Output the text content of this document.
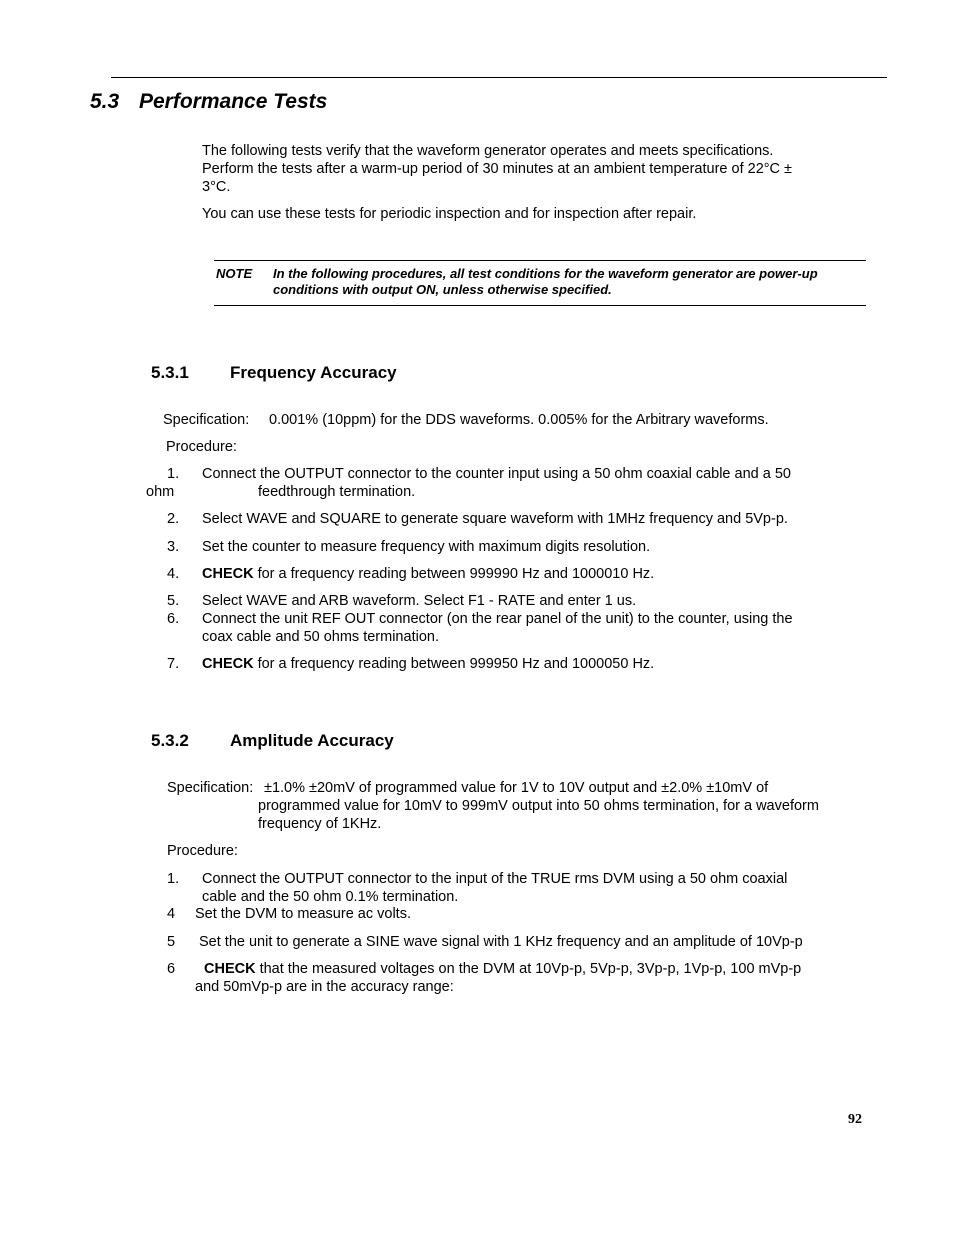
5.3 Performance Tests
The following tests verify that the waveform generator operates and meets specifications.
Perform the tests after a warm-up period of 30 minutes at an ambient temperature of 22°C ±
3°C.
You can use these tests for periodic inspection and for inspection after repair.
NOTE In the following procedures, all test conditions for the waveform generator are power-up
conditions with output ON, unless otherwise specified.
5.3.1 Frequency Accuracy
Specification: 0.001% (10ppm) for the DDS waveforms. 0.005% for the Arbitrary waveforms.
Procedure:
1. Connect the OUTPUT connector to the counter input using a 50 ohm coaxial cable and a 50
ohm	feedthrough termination.
2. Select WAVE and SQUARE to generate square waveform with 1MHz frequency and 5Vp-p.
3. Set the counter to measure frequency with maximum digits resolution.
4. CHECK for a frequency reading between 999990 Hz and 1000010 Hz.
5. Select WAVE and ARB waveform. Select F1 - RATE and enter 1 us.
6. Connect the unit REF OUT connector (on the rear panel of the unit) to the counter, using the
coax cable and 50 ohms termination.
7. CHECK for a frequency reading between 999950 Hz and 1000050 Hz.
5.3.2 Amplitude Accuracy
Specification: ±1.0% ±20mV of programmed value for 1V to 10V output and ±2.0% ±10mV of
programmed value for 10mV to 999mV output into 50 ohms termination, for a waveform
frequency of 1KHz.
Procedure:
1. Connect the OUTPUT connector to the input of the TRUE rms DVM using a 50 ohm coaxial
cable and the 50 ohm 0.1% termination.
4 Set the DVM to measure ac volts.
5 Set the unit to generate a SINE wave signal with 1 KHz frequency and an amplitude of 10Vp-p
6 CHECK that the measured voltages on the DVM at 10Vp-p, 5Vp-p, 3Vp-p, 1Vp-p, 100 mVp-p
and 50mVp-p are in the accuracy range:
92
